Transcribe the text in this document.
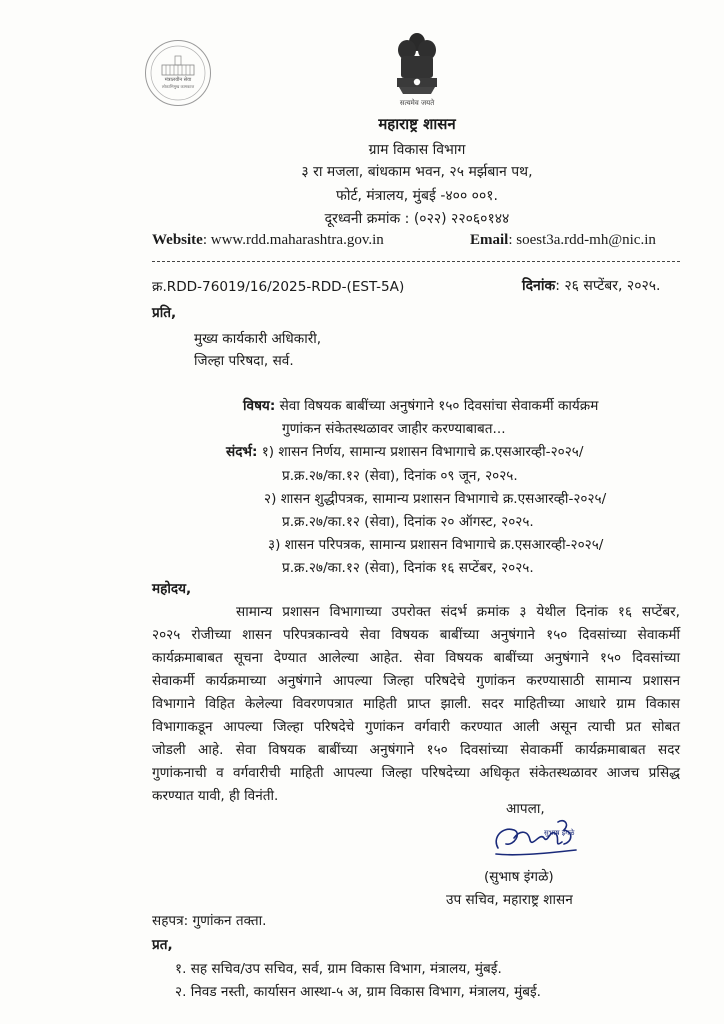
मंत्रालयीन सेवा
लोकाभिमुख कामकाज
सत्यमेव जयते
महाराष्ट्र शासन
ग्राम विकास विभाग
३ रा मजला, बांधकाम भवन, २५ मर्झबान पथ,
फोर्ट, मंत्रालय, मुंबई -४०० ००१.
दूरध्वनी क्रमांक : (०२२) २२०६०१४४
Website: www.rdd.maharashtra.gov.in	Email: soest3a.rdd-mh@nic.in
क्र.RDD-76019/16/2025-RDD-(EST-5A)	दिनांक: २६ सप्टेंबर, २०२५.
प्रति,
मुख्य कार्यकारी अधिकारी,
जिल्हा परिषदा, सर्व.
विषय: सेवा विषयक बाबींच्या अनुषंगाने १५० दिवसांचा सेवाकर्मी कार्यक्रम
गुणांकन संकेतस्थळावर जाहीर करण्याबाबत...
संदर्भ: १) शासन निर्णय, सामान्य प्रशासन विभागाचे क्र.एसआरव्ही-२०२५/
प्र.क्र.२७/का.१२ (सेवा), दिनांक ०९ जून, २०२५.
२) शासन शुद्धीपत्रक, सामान्य प्रशासन विभागाचे क्र.एसआरव्ही-२०२५/
प्र.क्र.२७/का.१२ (सेवा), दिनांक २० ऑगस्ट, २०२५.
३) शासन परिपत्रक, सामान्य प्रशासन विभागाचे क्र.एसआरव्ही-२०२५/
प्र.क्र.२७/का.१२ (सेवा), दिनांक १६ सप्टेंबर, २०२५.
महोदय,
सामान्य प्रशासन विभागाच्या उपरोक्त संदर्भ क्रमांक ३ येथील दिनांक १६ सप्टेंबर,
२०२५ रोजीच्या शासन परिपत्रकान्वये सेवा विषयक बाबींच्या अनुषंगाने १५० दिवसांच्या सेवाकर्मी
कार्यक्रमाबाबत सूचना देण्यात आलेल्या आहेत. सेवा विषयक बाबींच्या अनुषंगाने १५० दिवसांच्या
सेवाकर्मी कार्यक्रमाच्या अनुषंगाने आपल्या जिल्हा परिषदेचे गुणांकन करण्यासाठी सामान्य प्रशासन
विभागाने विहित केलेल्या विवरणपत्रात माहिती प्राप्त झाली. सदर माहितीच्या आधारे ग्राम विकास
विभागाकडून आपल्या जिल्हा परिषदेचे गुणांकन वर्गवारी करण्यात आली असून त्याची प्रत सोबत
जोडली आहे. सेवा विषयक बाबींच्या अनुषंगाने १५० दिवसांच्या सेवाकर्मी कार्यक्रमाबाबत सदर
गुणांकनाची व वर्गवारीची माहिती आपल्या जिल्हा परिषदेच्या अधिकृत संकेतस्थळावर आजच प्रसिद्ध
करण्यात यावी, ही विनंती.
आपला,
सुभाष इंगळे
(सुभाष इंगळे)
उप सचिव, महाराष्ट्र शासन
सहपत्र: गुणांकन तक्ता.
प्रत,
१. सह सचिव/उप सचिव, सर्व, ग्राम विकास विभाग, मंत्रालय, मुंबई.
२. निवड नस्ती, कार्यासन आस्था-५ अ, ग्राम विकास विभाग, मंत्रालय, मुंबई.
